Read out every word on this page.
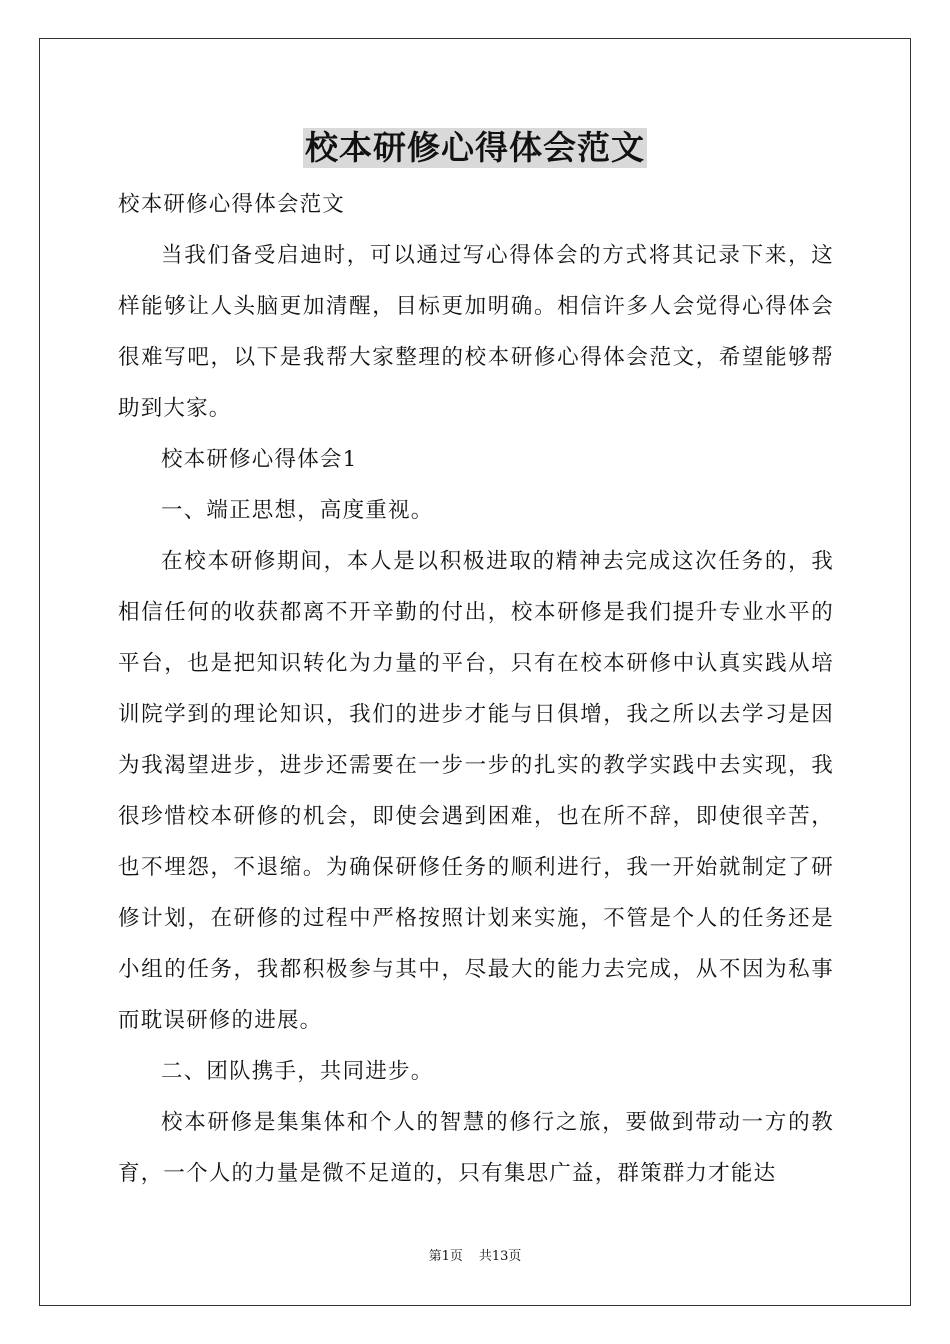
校本研修心得体会范文

校本研修心得体会范文

当我们备受启迪时，可以通过写心得体会的方式将其记录下来，这样能够让人头脑更加清醒，目标更加明确。相信许多人会觉得心得体会很难写吧，以下是我帮大家整理的校本研修心得体会范文，希望能够帮助到大家。

校本研修心得体会1

一、端正思想，高度重视。

在校本研修期间，本人是以积极进取的精神去完成这次任务的，我相信任何的收获都离不开辛勤的付出，校本研修是我们提升专业水平的平台，也是把知识转化为力量的平台，只有在校本研修中认真实践从培训院学到的理论知识，我们的进步才能与日俱增，我之所以去学习是因为我渴望进步，进步还需要在一步一步的扎实的教学实践中去实现，我很珍惜校本研修的机会，即使会遇到困难，也在所不辞，即使很辛苦，也不埋怨，不退缩。为确保研修任务的顺利进行，我一开始就制定了研修计划，在研修的过程中严格按照计划来实施，不管是个人的任务还是小组的任务，我都积极参与其中，尽最大的能力去完成，从不因为私事而耽误研修的进展。

二、团队携手，共同进步。

校本研修是集集体和个人的智慧的修行之旅，要做到带动一方的教育，一个人的力量是微不足道的，只有集思广益，群策群力才能达

第1页 共13页
